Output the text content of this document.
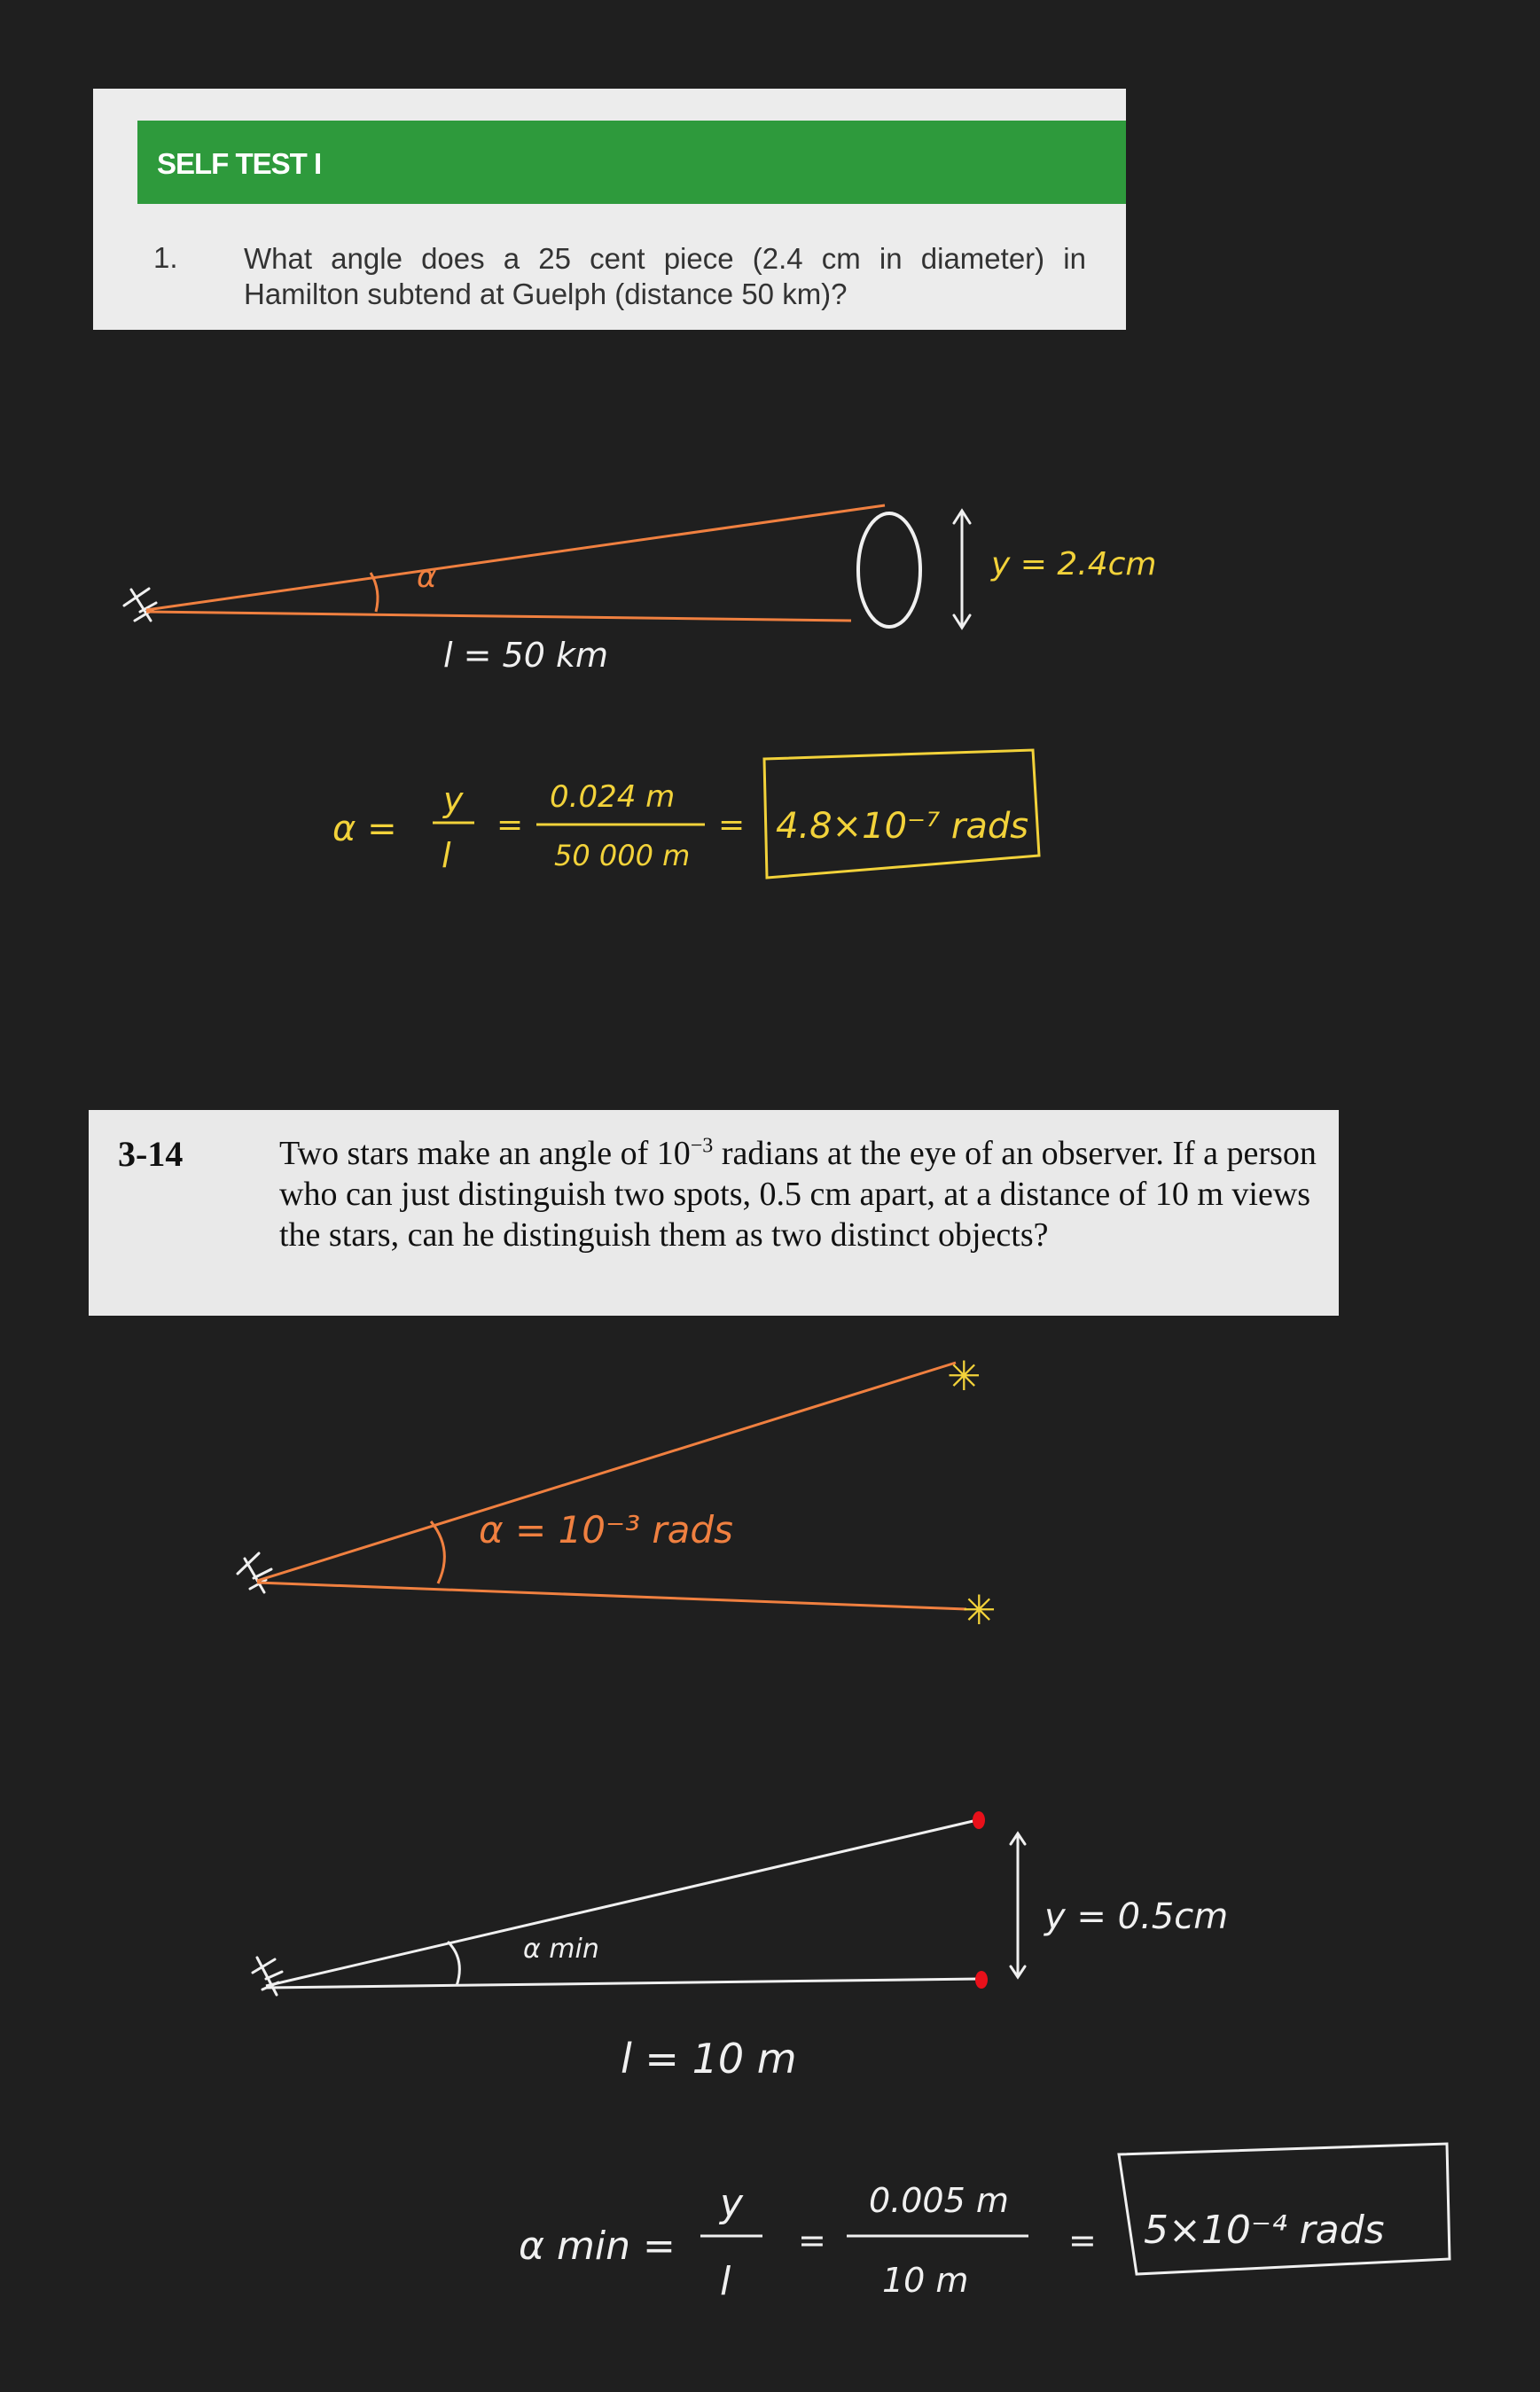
SELF TEST I
1. What angle does a 25 cent piece (2.4 cm in diameter) in Hamilton subtend at Guelph (distance 50 km)?
3-14	Two stars make an angle of $10^{-3}$ radians at the eye of an observer. If a person who can just distinguish two spots, 0.5 cm apart, at a distance of 10 m views the stars, can he distinguish them as two distinct objects?
α	y = 2.4cm
l = 50 km
α =
y
l
=
0.024 m
50 000 m
= 4.8×10⁻⁷ rads
α = 10⁻³ rads
✳
✳
α min
y = 0.5cm
l = 10 m
α min =
y
l
=
0.005 m
10 m
= 5×10⁻⁴ rads
